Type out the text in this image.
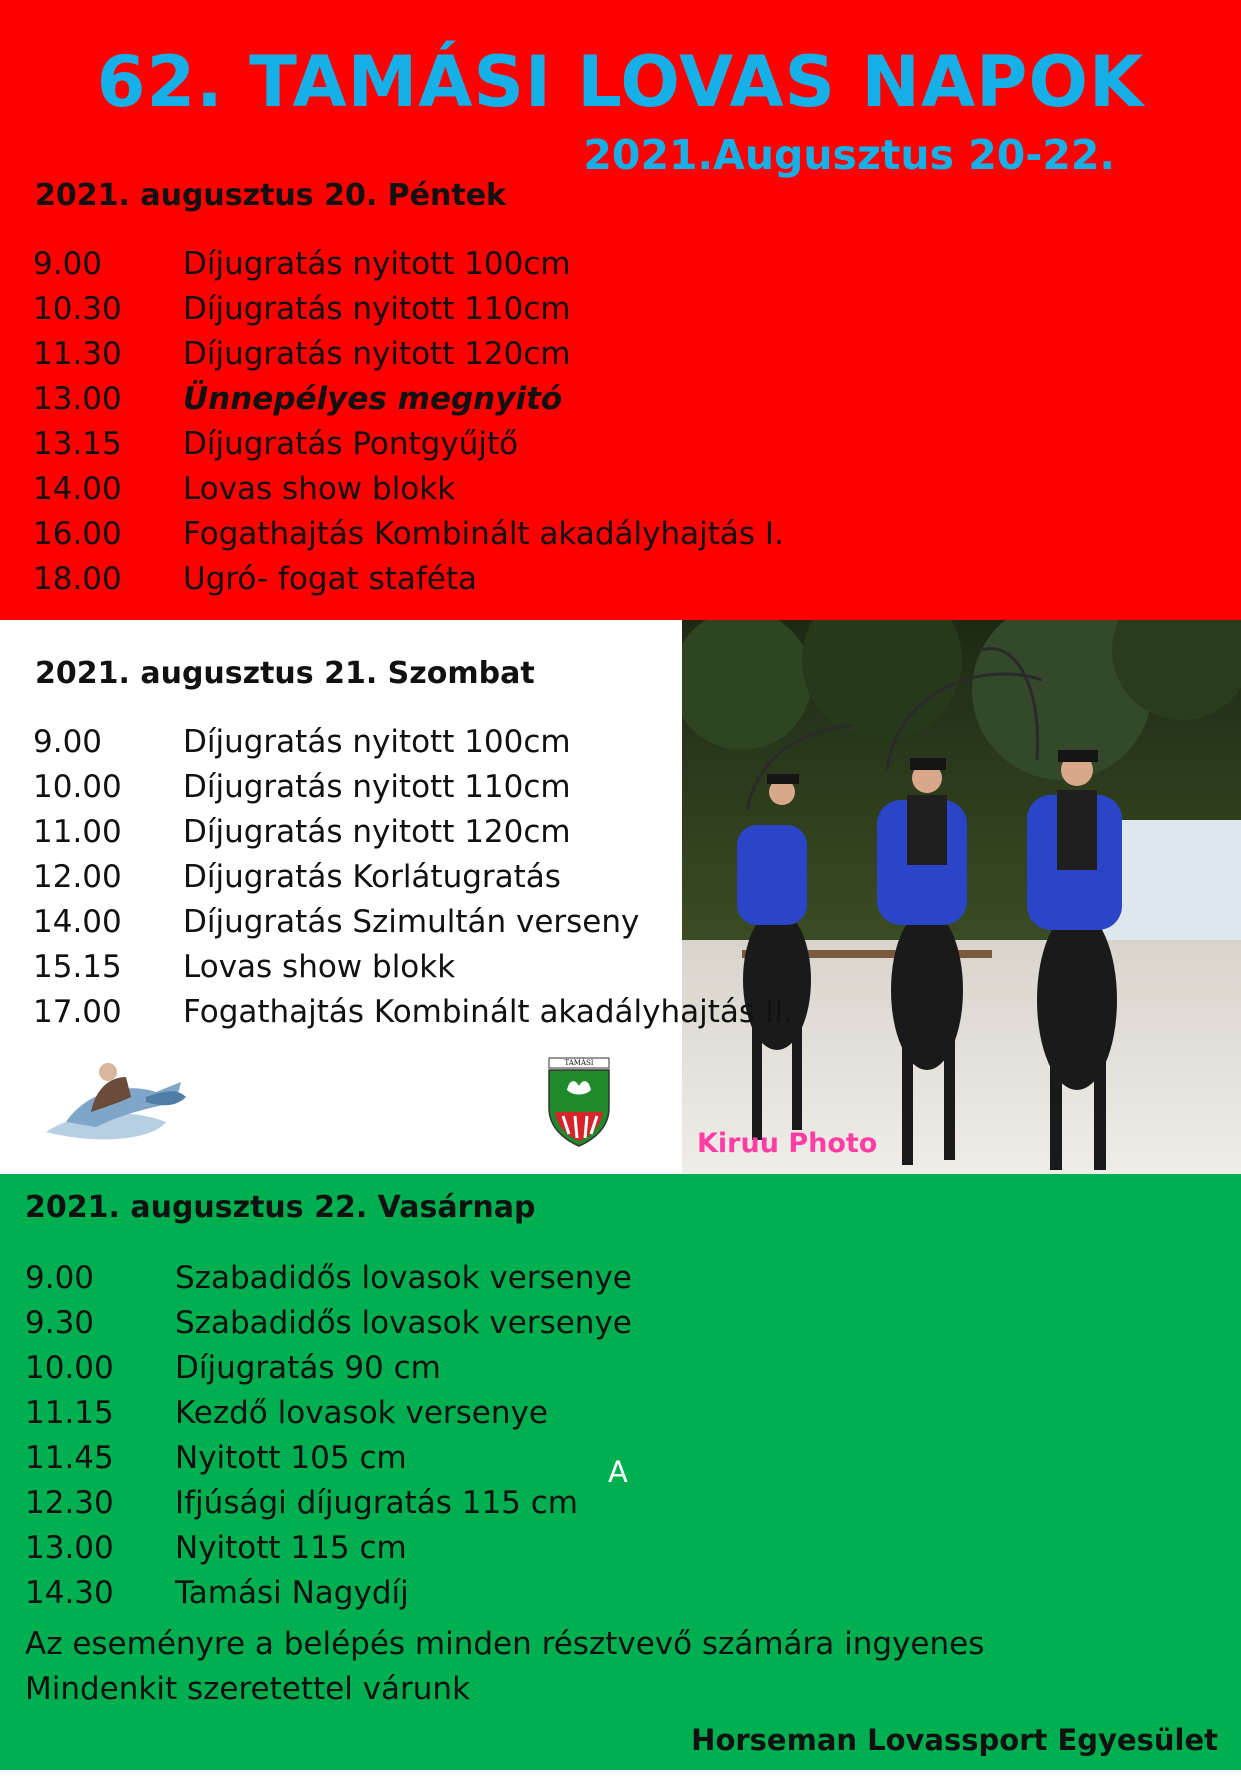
62. TAMÁSI LOVAS NAPOK
2021.Augusztus 20-22.
2021. augusztus 20. Péntek
9.00	Díjugratás nyitott 100cm
10.30 Díjugratás nyitott 110cm
11.30 Díjugratás nyitott 120cm
13.00 Ünnepélyes megnyitó
13.15 Díjugratás Pontgyűjtő
14.00 Lovas show blokk
16.00 Fogathajtás Kombinált akadályhajtás I.
18.00 Ugró- fogat staféta
2021. augusztus 21. Szombat
9.00	Díjugratás nyitott 100cm
10.00 Díjugratás nyitott 110cm
11.00 Díjugratás nyitott 120cm
12.00 Díjugratás Korlátugratás
14.00 Díjugratás Szimultán verseny
15.15 Lovas show blokk
17.00 Fogathajtás Kombinált akadályhajtás II.
Kiruu Photo
TAMÁSI
2021. augusztus 22. Vasárnap
9.00	Szabadidős lovasok versenye
9.30	Szabadidős lovasok versenye
10.00 Díjugratás 90 cm
11.15 Kezdő lovasok versenye
11.45 Nyitott 105 cm
12.30 Ifjúsági díjugratás 115 cm
13.00 Nyitott 115 cm
14.30 Tamási Nagydíj
A

Az eseményre a belépés minden résztvevő számára ingyenes

Mindenkit szeretettel várunk

Horseman Lovassport Egyesület
